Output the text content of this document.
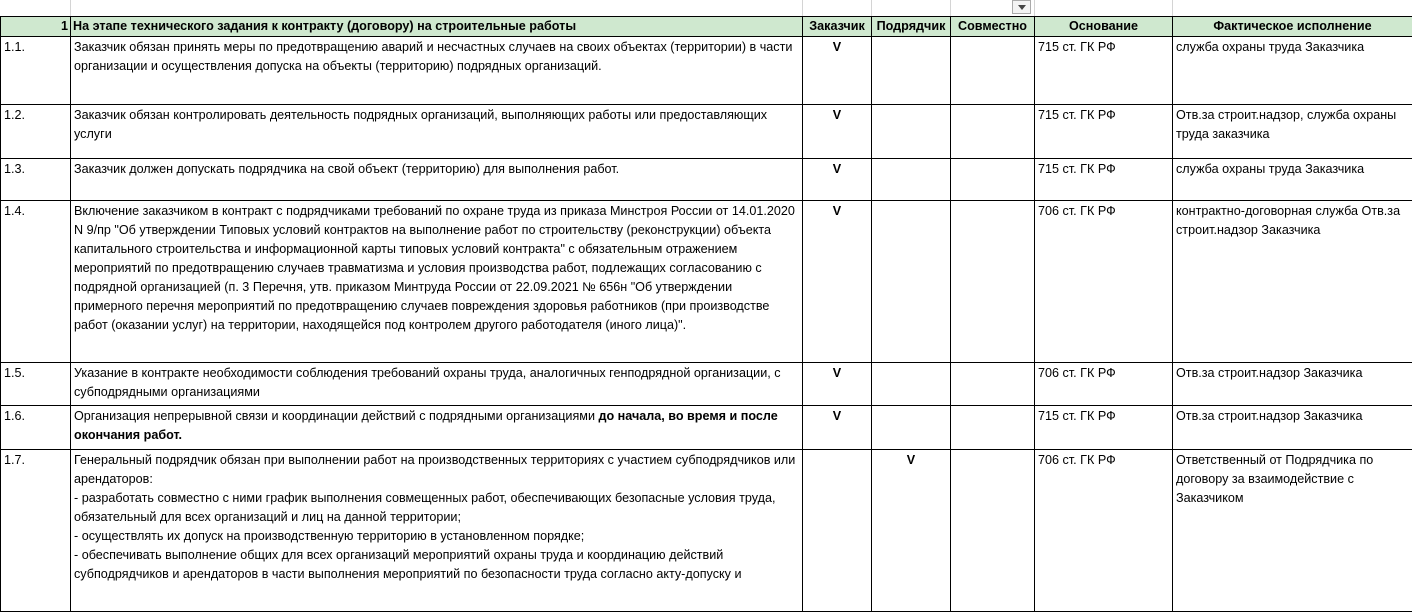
1	На этапе технического задания к контракту (договору) на строительные работы	Заказчик	Подрядчик	Совместно	Основание	Фактическое исполнение
1.1.	Заказчик обязан принять меры по предотвращению аварий и несчастных случаев на своих объектах (территории) в части организации и осуществления допуска на объекты (территорию) подрядных организаций.	V			715 ст. ГК РФ	служба охраны труда Заказчика
1.2.	Заказчик обязан контролировать деятельность подрядных организаций, выполняющих работы или предоставляющих услуги	V			715 ст. ГК РФ	Отв.за строит.надзор, служба охраны труда заказчика
1.3.	Заказчик должен допускать подрядчика на свой объект (территорию) для выполнения работ.	V			715 ст. ГК РФ	служба охраны труда Заказчика
1.4.	Включение заказчиком в контракт с подрядчиками требований по охране труда из приказа Минстроя России от 14.01.2020 N 9/пр "Об утверждении Типовых условий контрактов на выполнение работ по строительству (реконструкции) объекта капитального строительства и информационной карты типовых условий контракта" с обязательным отражением мероприятий по предотвращению случаев травматизма и условия производства работ, подлежащих согласованию с подрядной организацией (п. 3 Перечня, утв. приказом Минтруда России от 22.09.2021 № 656н "Об утверждении примерного перечня мероприятий по предотвращению случаев повреждения здоровья работников (при производстве работ (оказании услуг) на территории, находящейся под контролем другого работодателя (иного лица)".	V			706 ст. ГК РФ	контрактно-договорная служба Отв.за строит.надзор Заказчика
1.5.	Указание в контракте необходимости соблюдения требований охраны труда, аналогичных генподрядной организации, с субподрядными организациями	V			706 ст. ГК РФ	Отв.за строит.надзор Заказчика
1.6.	Организация непрерывной связи и координации действий с подрядными организациями до начала, во время и после окончания работ.	V			715 ст. ГК РФ	Отв.за строит.надзор Заказчика
1.7.	Генеральный подрядчик обязан при выполнении работ на производственных территориях с участием субподрядчиков или арендаторов:
- разработать совместно с ними график выполнения совмещенных работ, обеспечивающих безопасные условия труда, обязательный для всех организаций и лиц на данной территории;
- осуществлять их допуск на производственную территорию в установленном порядке;
- обеспечивать выполнение общих для всех организаций мероприятий охраны труда и координацию действий субподрядчиков и арендаторов в части выполнения мероприятий по безопасности труда согласно акту-допуску и		V		706 ст. ГК РФ	Ответственный от Подрядчика по договору за взаимодействие с Заказчиком
